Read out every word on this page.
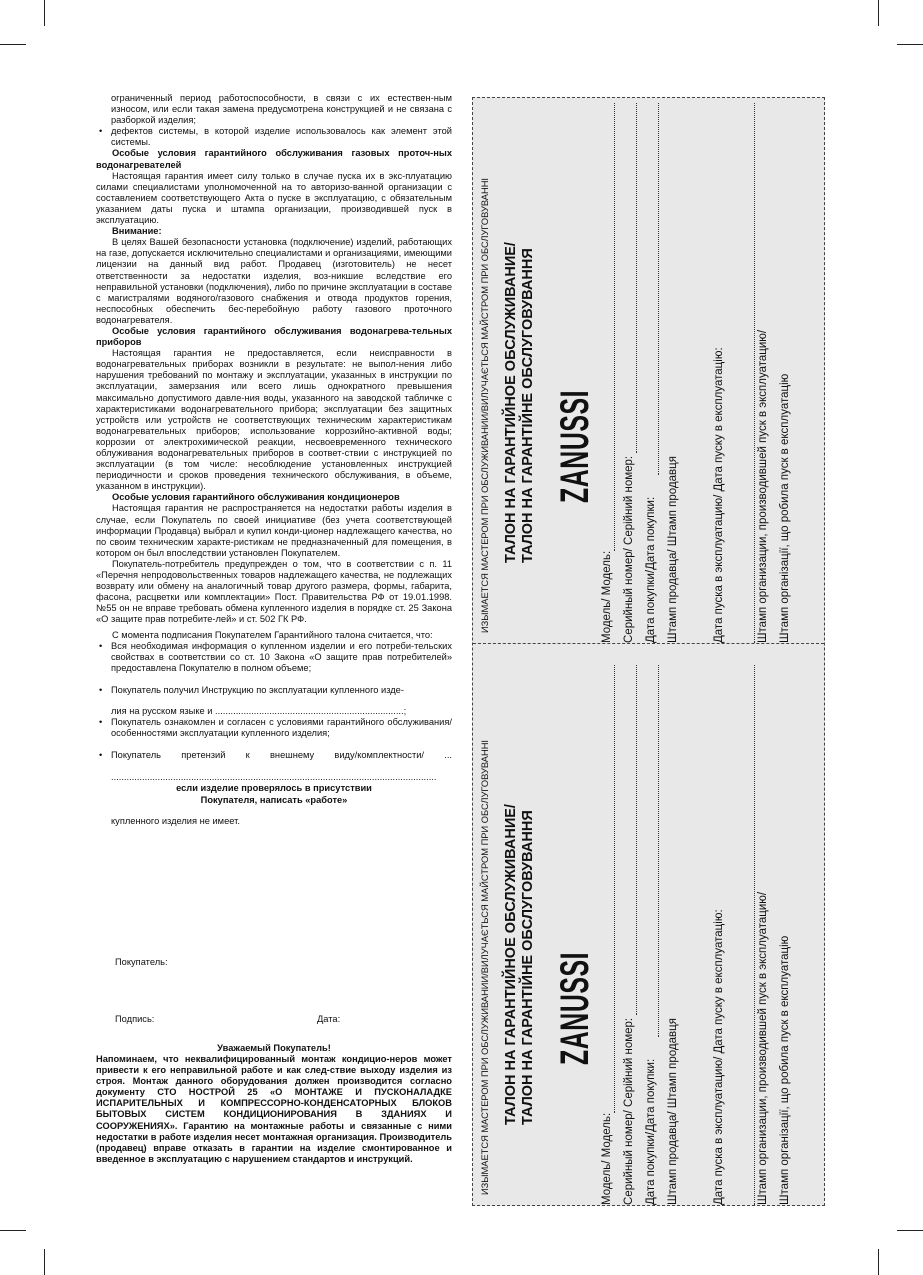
ограниченный период работоспособности, в связи с их естествен-ным износом, или если такая замена предусмотрена конструкцией и не связана с разборкой изделия;

• дефектов системы, в которой изделие использовалось как элемент этой системы.

Особые условия гарантийного обслуживания газовых проточ-ных водонагревателей

Настоящая гарантия имеет силу только в случае пуска их в экс-плуатацию силами специалистами уполномоченной на то авторизо-ванной организации с составлением соответствующего Акта о пуске в эксплуатацию, с обязательным указанием даты пуска и штампа организации, производившей пуск в эксплуатацию.

Внимание:

В целях Вашей безопасности установка (подключение) изделий, работающих на газе, допускается исключительно специалистами и организациями, имеющими лицензии на данный вид работ. Продавец (изготовитель) не несет ответственности за недостатки изделия, воз-никшие вследствие его неправильной установки (подключения), либо по причине эксплуатации в составе с магистралями водяного/газового снабжения и отвода продуктов горения, неспособных обеспечить бес-перебойную работу газового проточного водонагревателя.

Особые условия гарантийного обслуживания водонагрева-тельных приборов

Настоящая гарантия не предоставляется, если неисправности в водонагревательных приборах возникли в результате: не выпол-нения либо нарушения требований по монтажу и эксплуатации, указанных в инструкции по эксплуатации, замерзания или всего лишь однократного превышения максимально допустимого давле-ния воды, указанного на заводской табличке с характеристиками водонагревательного прибора; эксплуатации без защитных устройств или устройств не соответствующих техническим характеристикам водонагревательных приборов; использование коррозийно-активной воды; коррозии от электрохимической реакции, несвоевременного технического облуживания водонагревательных приборов в соответ-ствии с инструкцией по эксплуатации (в том числе: несоблюдение установленных инструкцией периодичности и сроков проведения технического обслуживания, в объеме, указанном в инструкции).

Особые условия гарантийного обслуживания кондиционеров

Настоящая гарантия не распространяется на недостатки работы изделия в случае, если Покупатель по своей инициативе (без учета соответствующей информации Продавца) выбрал и купил конди-ционер надлежащего качества, но по своим техническим характе-ристикам не предназначенный для помещения, в котором он был впоследствии установлен Покупателем.

Покупатель-потребитель предупрежден о том, что в соответствии с п. 11 «Перечня непродовольственных товаров надлежащего качества, не подлежащих возврату или обмену на аналогичный товар другого размера, формы, габарита, фасона, расцветки или комплектации» Пост. Правительства РФ от 19.01.1998. №55 он не вправе требовать обмена купленного изделия в порядке ст. 25 Закона «О защите прав потребите-лей» и ст. 502 ГК РФ.

С момента подписания Покупателем Гарантийного талона считается, что:

• Вся необходимая информация о купленном изделии и его потреби-тельских свойствах в соответствии со ст. 10 Закона «О защите прав потребителей» предоставлена Покупателю в полном объеме;

• Покупатель получил Инструкцию по эксплуатации купленного изде-

лия на русском языке и .........................................................................;

• Покупатель ознакомлен и согласен с условиями гарантийного обслуживания/особенностями эксплуатации купленного изделия;

• Покупатель претензий к внешнему виду/комплектности/ ...

..............................................................................................................................

если изделие проверялось в присутствии

Покупателя, написать «работе»

купленного изделия не имеет.

Покупатель:
Подпись:	Дата:
Уважаемый Покупатель!
Напоминаем, что неквалифицированный монтаж кондицио-неров может привести к его неправильной работе и как след-ствие выходу изделия из строя. Монтаж данного оборудования должен производится согласно документу СТО НОСТРОЙ 25 «О МОНТАЖЕ И ПУСКОНАЛАДКЕ ИСПАРИТЕЛЬНЫХ И КОМПРЕССОРНО-КОНДЕНСАТОРНЫХ БЛОКОВ БЫТОВЫХ СИСТЕМ КОНДИЦИОНИРОВАНИЯ В ЗДАНИЯХ И СООРУЖЕНИЯХ». Гарантию на монтажные работы и связанные с ними недостатки в работе изделия несет монтажная организация. Производитель (продавец) вправе отказать в гарантии на изделие смонтированное и введенное в эксплуатацию с нарушением стандартов и инструкций.
ИЗЫМАЕТСЯ МАСТЕРОМ ПРИ ОБСЛУЖИВАНИИ/ВИЛУЧАЄТЬСЯ МАЙСТРОМ ПРИ ОБСЛУГОВУВАННІ ТАЛОН НА ГАРАНТИЙНОЕ ОБСЛУЖИВАНИЕ/ ТАЛОН НА ГАРАНТІЙНЕ ОБСЛУГОВУВАННЯ ZANUSSI
Модель/ Модель: Серийный номер/ Серійний номер: Дата покупки/Дата покупки: Штамп продавца/ Штамп продавця	Дата пуска в эксплуатацию/ Дата пуску в експлуатацію:	Штамп организации, производившей пуск в эксплуатацию/ Штамп організації, що робила пуск в експлуатацію
ИЗЫМАЕТСЯ МАСТЕРОМ ПРИ ОБСЛУЖИВАНИИ/ВИЛУЧАЄТЬСЯ МАЙСТРОМ ПРИ ОБСЛУГОВУВАННІ ТАЛОН НА ГАРАНТИЙНОЕ ОБСЛУЖИВАНИЕ/ ТАЛОН НА ГАРАНТІЙНЕ ОБСЛУГОВУВАННЯ ZANUSSI
Модель/ Модель: Серийный номер/ Серійний номер: Дата покупки/Дата покупки: Штамп продавца/ Штамп продавця	Дата пуска в эксплуатацию/ Дата пуску в експлуатацію:	Штамп организации, производившей пуск в эксплуатацию/ Штамп організації, що робила пуск в експлуатацію
